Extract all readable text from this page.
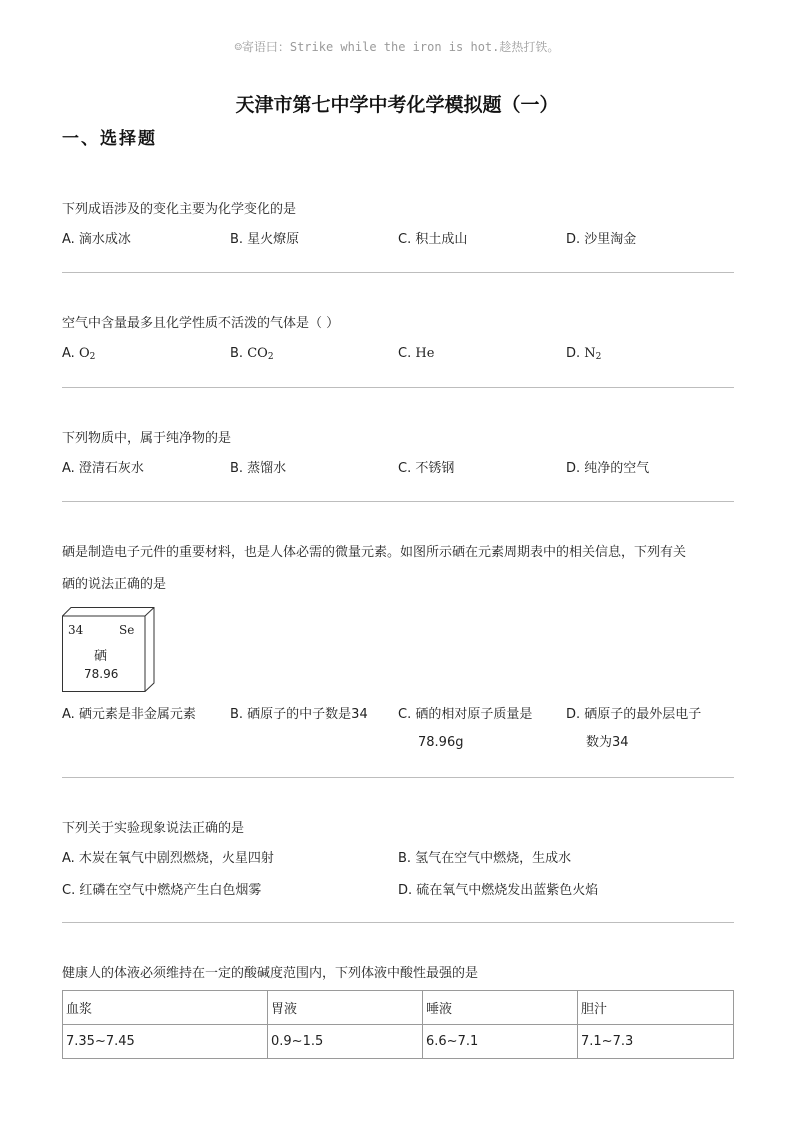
☺寄语曰：Strike while the iron is hot.趁热打铁。
天津市第七中学中考化学模拟题（一）
一、选择题
下列成语涉及的变化主要为化学变化的是
A. 滴水成冰	B. 星火燎原	C. 积土成山	D. 沙里淘金
空气中含量最多且化学性质不活泼的气体是（ ）
A. $O_2$	B. $CO_2$	C. He	D. $N_2$
下列物质中，属于纯净物的是
A. 澄清石灰水	B. 蒸馏水	C. 不锈钢	D. 纯净的空气
硒是制造电子元件的重要材料，也是人体必需的微量元素。如图所示硒在元素周期表中的相关信息，下列有关
硒的说法正确的是
34	Se
硒
78.96
A. 硒元素是非金属元素	B. 硒原子的中子数是34 C. 硒的相对原子质量是	D. 硒原子的最外层电子
78.96g	数为34
下列关于实验现象说法正确的是
A. 木炭在氧气中剧烈燃烧，火星四射	B. 氢气在空气中燃烧，生成水
C. 红磷在空气中燃烧产生白色烟雾	D. 硫在氧气中燃烧发出蓝紫色火焰
健康人的体液必须维持在一定的酸碱度范围内，下列体液中酸性最强的是
血浆	胃液	唾液	胆汁
7.35~7.45	0.9~1.5	6.6~7.1	7.1~7.3
